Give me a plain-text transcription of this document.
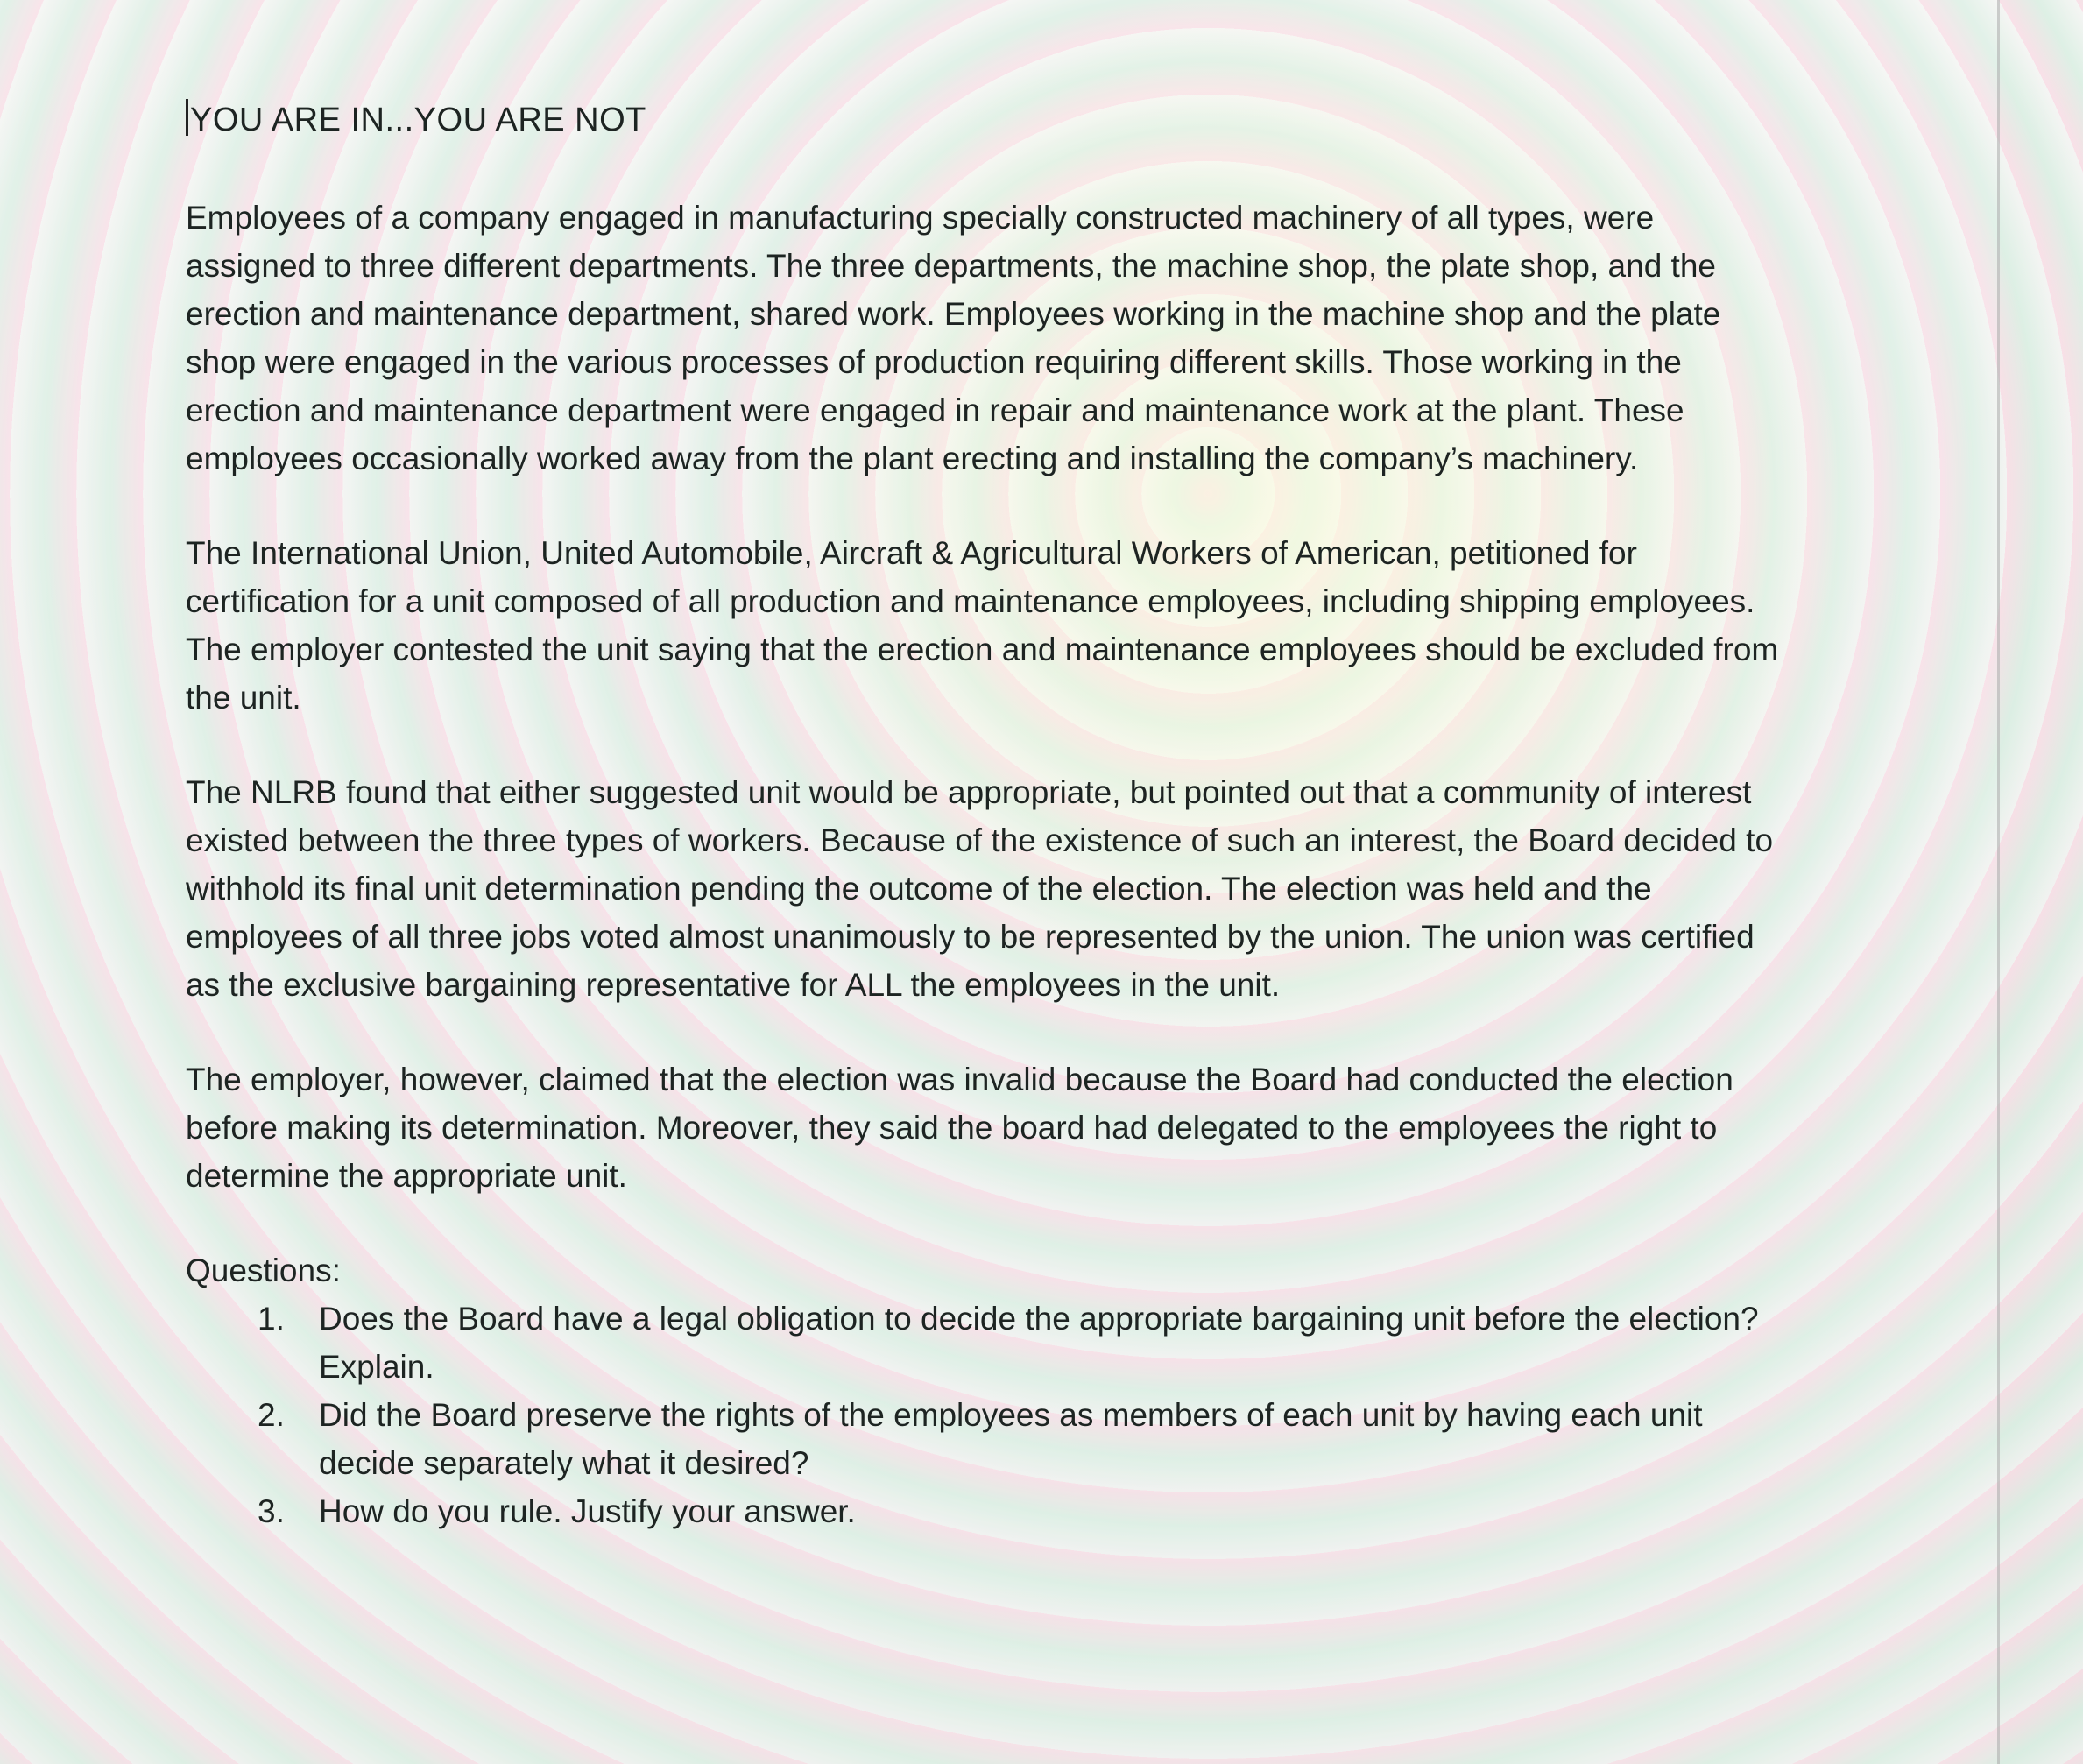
YOU ARE IN...YOU ARE NOT

Employees of a company engaged in manufacturing specially constructed machinery of all types, were assigned to three different departments. The three departments, the machine shop, the plate shop, and the erection and maintenance department, shared work. Employees working in the machine shop and the plate shop were engaged in the various processes of production requiring different skills. Those working in the erection and maintenance department were engaged in repair and maintenance work at the plant. These employees occasionally worked away from the plant erecting and installing the company’s machinery.

The International Union, United Automobile, Aircraft & Agricultural Workers of American, petitioned for certification for a unit composed of all production and maintenance employees, including shipping employees. The employer contested the unit saying that the erection and maintenance employees should be excluded from the unit.

The NLRB found that either suggested unit would be appropriate, but pointed out that a community of interest existed between the three types of workers. Because of the existence of such an interest, the Board decided to withhold its final unit determination pending the outcome of the election. The election was held and the employees of all three jobs voted almost unanimously to be represented by the union. The union was certified as the exclusive bargaining representative for ALL the employees in the unit.

The employer, however, claimed that the election was invalid because the Board had conducted the election before making its determination. Moreover, they said the board had delegated to the employees the right to determine the appropriate unit.

Questions:
1.	Does the Board have a legal obligation to decide the appropriate bargaining unit before the election? Explain.
2.	Did the Board preserve the rights of the employees as members of each unit by having each unit decide separately what it desired?
3.	How do you rule. Justify your answer.
